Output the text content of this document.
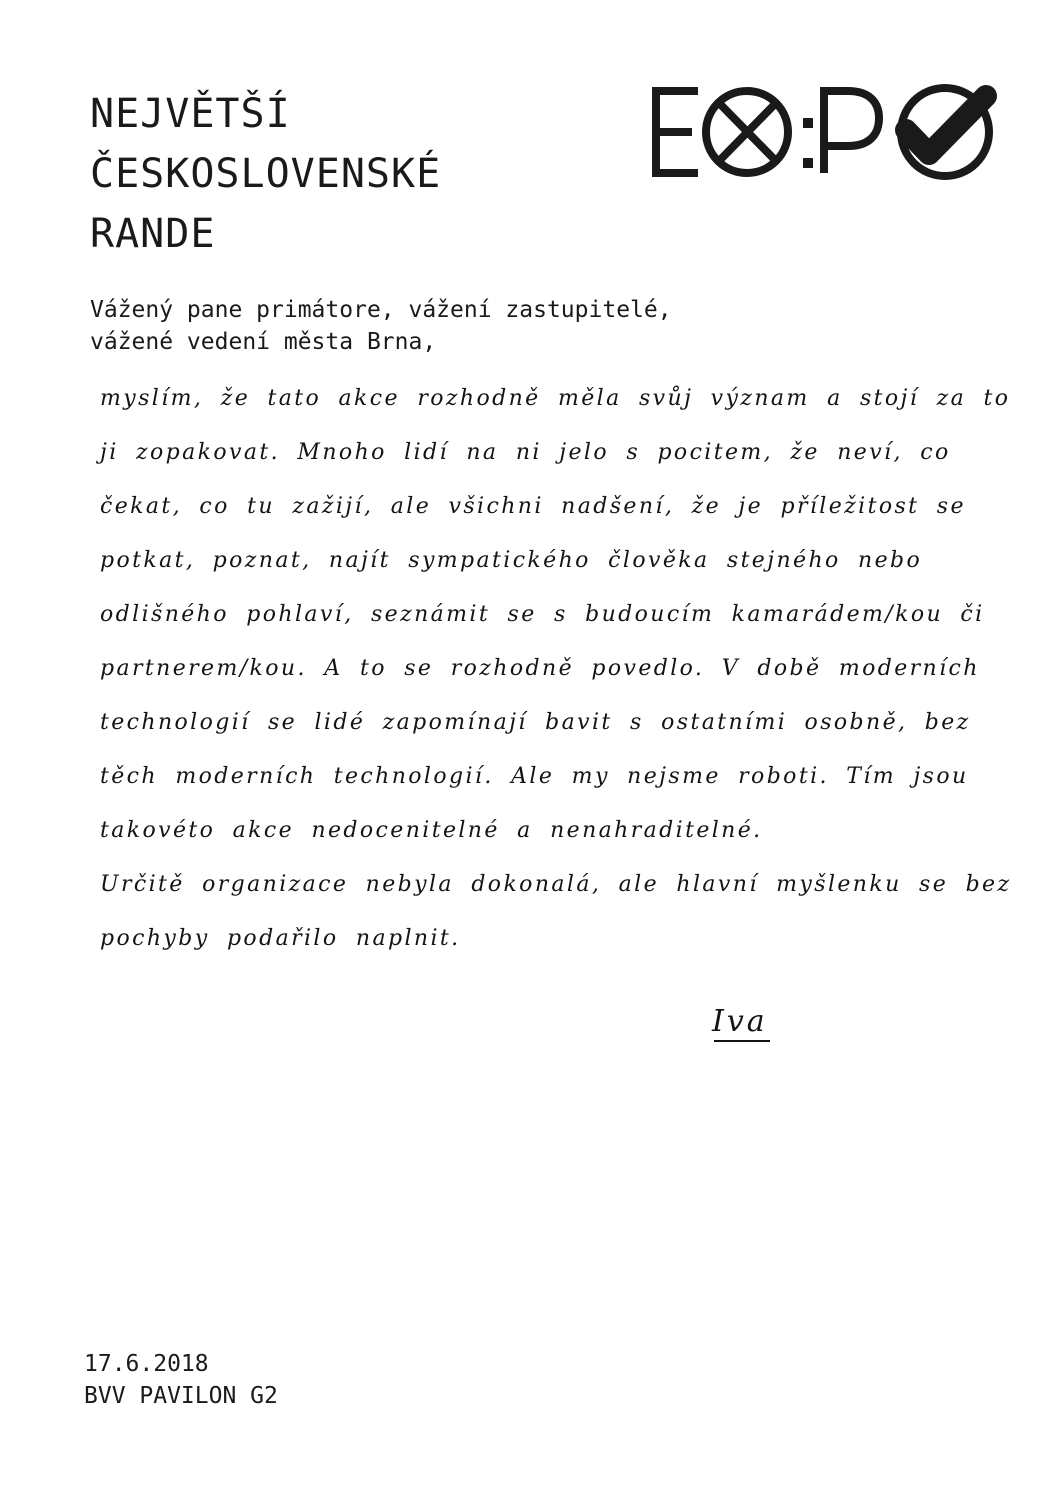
NEJVĚTŠÍ
ČESKOSLOVENSKÉ
RANDE
Vážený pane primátore, vážení zastupitelé,
vážené vedení města Brna,

myslím, že tato akce rozhodně měla svůj význam a stojí za to ji zopakovat. Mnoho lidí na ni jelo s pocitem, že neví, co čekat, co tu zažijí, ale všichni nadšení, že je příležitost se potkat, poznat, najít sympatického člověka stejného nebo odlišného pohlaví, seznámit se s budoucím kamarádem/kou či partnerem/kou. A to se rozhodně povedlo. V době moderních technologií se lidé zapomínají bavit s ostatními osobně, bez těch moderních technologií. Ale my nejsme roboti. Tím jsou takovéto akce nedocenitelné a nenahraditelné.

Určitě organizace nebyla dokonalá, ale hlavní myšlenku se bez pochyby podařilo naplnit.

Iva
17.6.2018
BVV PAVILON G2
